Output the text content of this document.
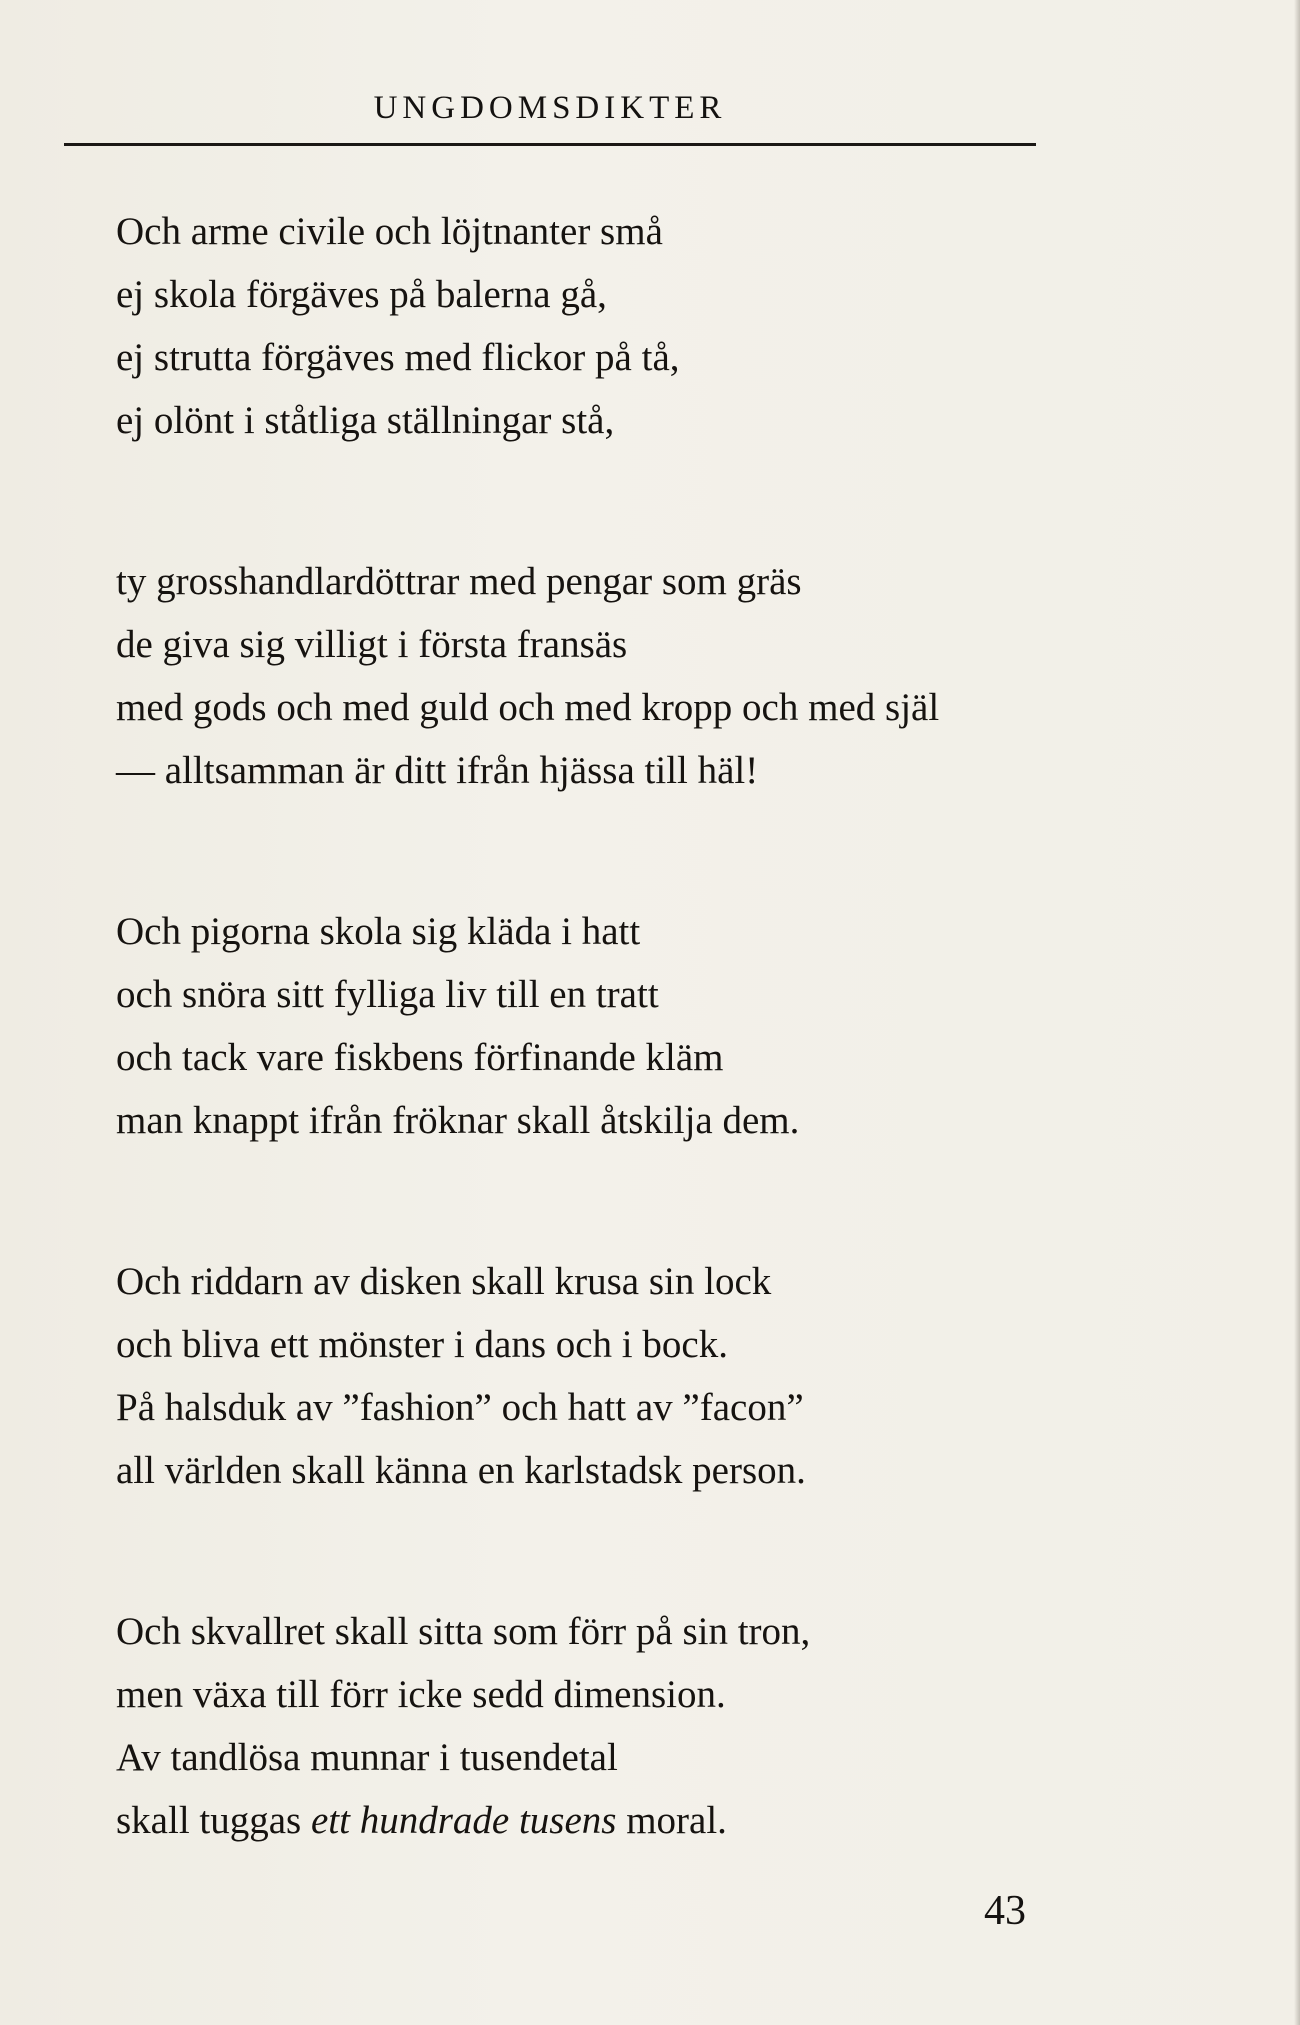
UNGDOMSDIKTER
Och arme civile och löjtnanter små
ej skola förgäves på balerna gå,
ej strutta förgäves med flickor på tå,
ej olönt i ståtliga ställningar stå,
ty grosshandlardöttrar med pengar som gräs
de giva sig villigt i första fransäs
med gods och med guld och med kropp och med själ
— alltsamman är ditt ifrån hjässa till häl!
Och pigorna skola sig kläda i hatt
och snöra sitt fylliga liv till en tratt
och tack vare fiskbens förfinande kläm
man knappt ifrån fröknar skall åtskilja dem.
Och riddarn av disken skall krusa sin lock
och bliva ett mönster i dans och i bock.
På halsduk av ”fashion” och hatt av ”facon”
all världen skall känna en karlstadsk person.
Och skvallret skall sitta som förr på sin tron,
men växa till förr icke sedd dimension.
Av tandlösa munnar i tusendetal
skall tuggas ett hundrade tusens moral.
43
